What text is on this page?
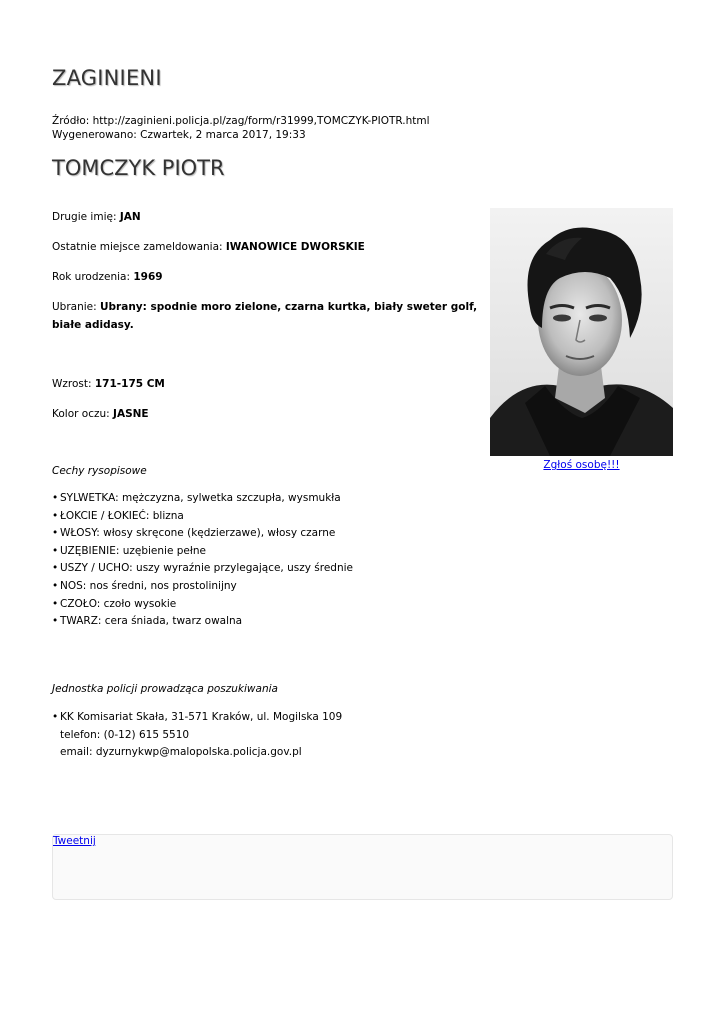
ZAGINIENI
Źródło: http://zaginieni.policja.pl/zag/form/r31999,TOMCZYK-PIOTR.html
Wygenerowano: Czwartek, 2 marca 2017, 19:33
TOMCZYK PIOTR
Drugie imię: JAN
Ostatnie miejsce zameldowania: IWANOWICE DWORSKIE
Rok urodzenia: 1969
Ubranie: Ubrany: spodnie moro zielone, czarna kurtka, biały sweter golf, białe adidasy.
Wzrost: 171-175 CM
Kolor oczu: JASNE
Zgłoś osobę!!!
Cechy rysopisowe
• SYLWETKA: mężczyzna, sylwetka szczupła, wysmukła
• ŁOKCIE / ŁOKIEĆ: blizna
• WŁOSY: włosy skręcone (kędzierzawe), włosy czarne
• UZĘBIENIE: uzębienie pełne
• USZY / UCHO: uszy wyraźnie przylegające, uszy średnie
• NOS: nos średni, nos prostolinijny
• CZOŁO: czoło wysokie
• TWARZ: cera śniada, twarz owalna
Jednostka policji prowadząca poszukiwania
• KK Komisariat Skała, 31-571 Kraków, ul. Mogilska 109
telefon: (0-12) 615 5510
email: dyzurnykwp@malopolska.policja.gov.pl
Tweetnij
